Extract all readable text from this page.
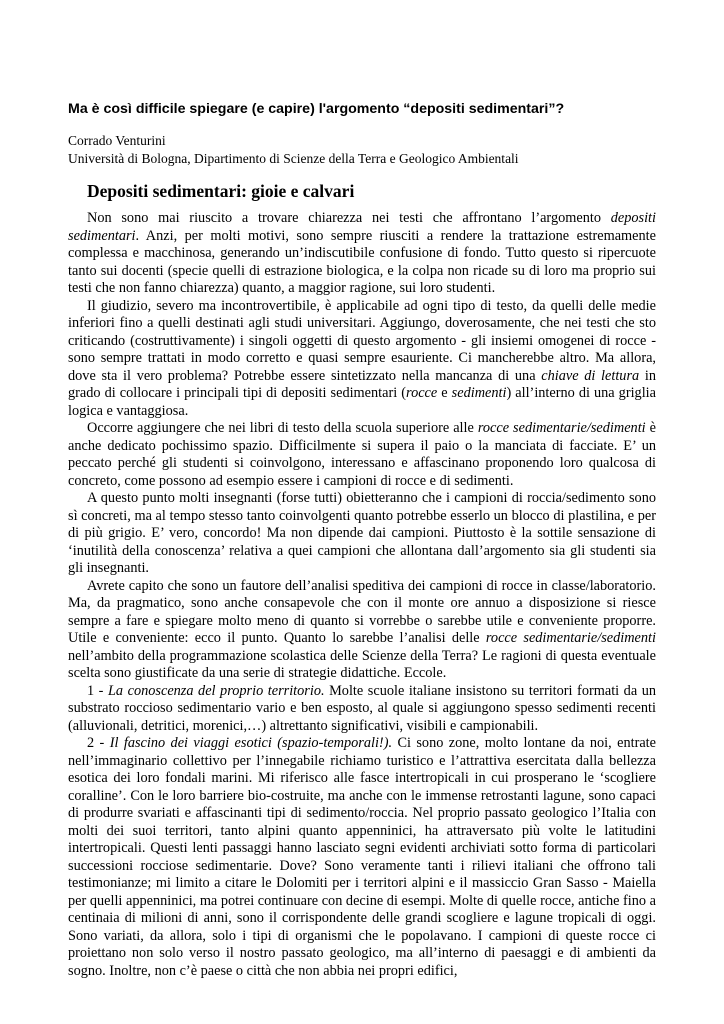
Ma è così difficile spiegare (e capire) l'argomento “depositi sedimentari”?
Corrado Venturini
Università di Bologna, Dipartimento di Scienze della Terra e Geologico Ambientali
Depositi sedimentari: gioie e calvari

Non sono mai riuscito a trovare chiarezza nei testi che affrontano l’argomento depositi sedimentari. Anzi, per molti motivi, sono sempre riusciti a rendere la trattazione estremamente complessa e macchinosa, generando un’indiscutibile confusione di fondo. Tutto questo si ripercuote tanto sui docenti (specie quelli di estrazione biologica, e la colpa non ricade su di loro ma proprio sui testi che non fanno chiarezza) quanto, a maggior ragione, sui loro studenti.

Il giudizio, severo ma incontrovertibile, è applicabile ad ogni tipo di testo, da quelli delle medie inferiori fino a quelli destinati agli studi universitari. Aggiungo, doverosamente, che nei testi che sto criticando (costruttivamente) i singoli oggetti di questo argomento - gli insiemi omogenei di rocce - sono sempre trattati in modo corretto e quasi sempre esauriente. Ci mancherebbe altro. Ma allora, dove sta il vero problema? Potrebbe essere sintetizzato nella mancanza di una chiave di lettura in grado di collocare i principali tipi di depositi sedimentari (rocce e sedimenti) all’interno di una griglia logica e vantaggiosa.

Occorre aggiungere che nei libri di testo della scuola superiore alle rocce sedimentarie/sedimenti è anche dedicato pochissimo spazio. Difficilmente si supera il paio o la manciata di facciate. E’ un peccato perché gli studenti si coinvolgono, interessano e affascinano proponendo loro qualcosa di concreto, come possono ad esempio essere i campioni di rocce e di sedimenti.

A questo punto molti insegnanti (forse tutti) obietteranno che i campioni di roccia/sedimento sono sì concreti, ma al tempo stesso tanto coinvolgenti quanto potrebbe esserlo un blocco di plastilina, e per di più grigio. E’ vero, concordo! Ma non dipende dai campioni. Piuttosto è la sottile sensazione di ‘inutilità della conoscenza’ relativa a quei campioni che allontana dall’argomento sia gli studenti sia gli insegnanti.

Avrete capito che sono un fautore dell’analisi speditiva dei campioni di rocce in classe/laboratorio. Ma, da pragmatico, sono anche consapevole che con il monte ore annuo a disposizione si riesce sempre a fare e spiegare molto meno di quanto si vorrebbe o sarebbe utile e conveniente proporre. Utile e conveniente: ecco il punto. Quanto lo sarebbe l’analisi delle rocce sedimentarie/sedimenti nell’ambito della programmazione scolastica delle Scienze della Terra? Le ragioni di questa eventuale scelta sono giustificate da una serie di strategie didattiche. Eccole.

1 - La conoscenza del proprio territorio. Molte scuole italiane insistono su territori formati da un substrato roccioso sedimentario vario e ben esposto, al quale si aggiungono spesso sedimenti recenti (alluvionali, detritici, morenici,…) altrettanto significativi, visibili e campionabili.

2 - Il fascino dei viaggi esotici (spazio-temporali!). Ci sono zone, molto lontane da noi, entrate nell’immaginario collettivo per l’innegabile richiamo turistico e l’attrattiva esercitata dalla bellezza esotica dei loro fondali marini. Mi riferisco alle fasce intertropicali in cui prosperano le ‘scogliere coralline’. Con le loro barriere bio-costruite, ma anche con le immense retrostanti lagune, sono capaci di produrre svariati e affascinanti tipi di sedimento/roccia. Nel proprio passato geologico l’Italia con molti dei suoi territori, tanto alpini quanto appenninici, ha attraversato più volte le latitudini intertropicali. Questi lenti passaggi hanno lasciato segni evidenti archiviati sotto forma di particolari successioni rocciose sedimentarie. Dove? Sono veramente tanti i rilievi italiani che offrono tali testimonianze; mi limito a citare le Dolomiti per i territori alpini e il massiccio Gran Sasso - Maiella per quelli appenninici, ma potrei continuare con decine di esempi. Molte di quelle rocce, antiche fino a centinaia di milioni di anni, sono il corrispondente delle grandi scogliere e lagune tropicali di oggi. Sono variati, da allora, solo i tipi di organismi che le popolavano. I campioni di queste rocce ci proiettano non solo verso il nostro passato geologico, ma all’interno di paesaggi e di ambienti da sogno. Inoltre, non c’è paese o città che non abbia nei propri edifici,
